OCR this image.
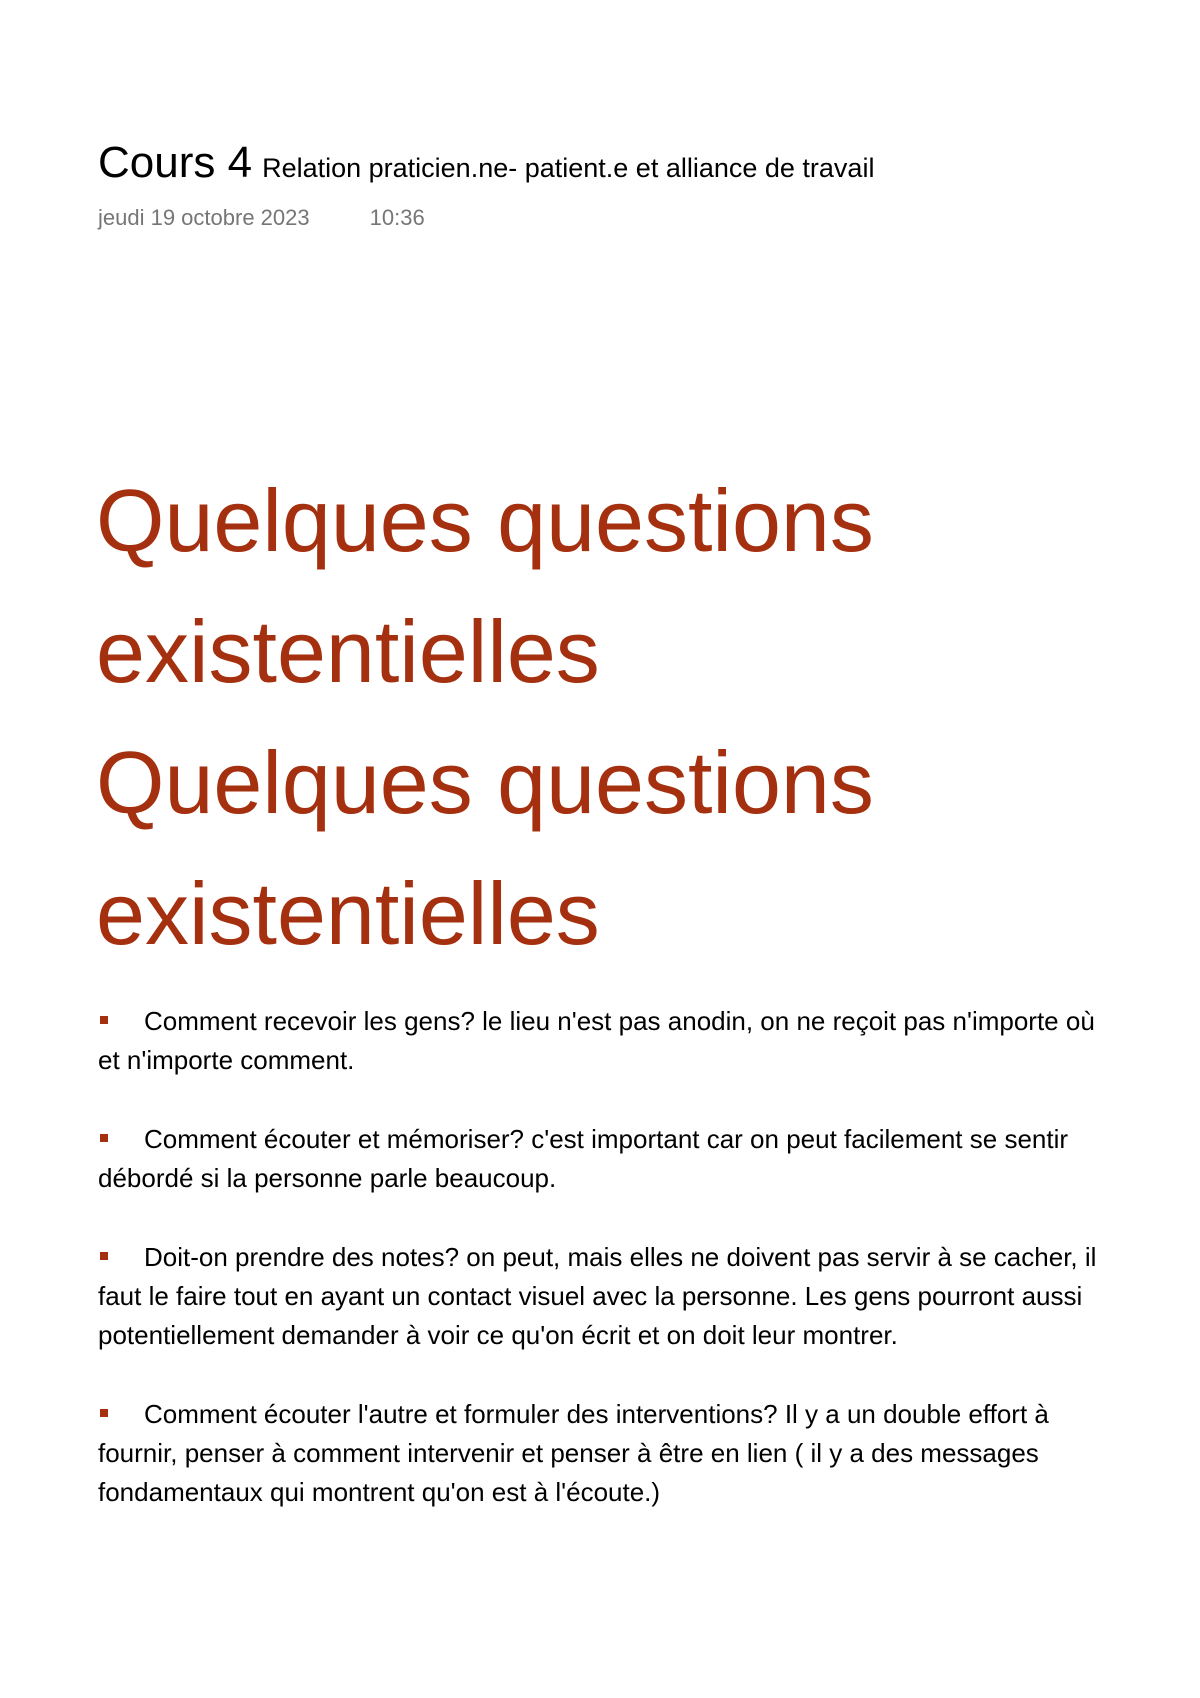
Cours 4 Relation praticien.ne- patient.e et alliance de travail
jeudi 19 octobre 2023	10:36

Quelques questions

existentielles

Quelques questions

existentielles

Comment recevoir les gens? le lieu n'est pas anodin, on ne reçoit pas n'importe où et n'importe comment.
Comment écouter et mémoriser? c'est important car on peut facilement se sentir débordé si la personne parle beaucoup.
Doit-on prendre des notes? on peut, mais elles ne doivent pas servir à se cacher, il faut le faire tout en ayant un contact visuel avec la personne. Les gens pourront aussi potentiellement demander à voir ce qu'on écrit et on doit leur montrer.
Comment écouter l'autre et formuler des interventions? Il y a un double effort à fournir, penser à comment intervenir et penser à être en lien ( il y a des messages fondamentaux qui montrent qu'on est à l'écoute.)
